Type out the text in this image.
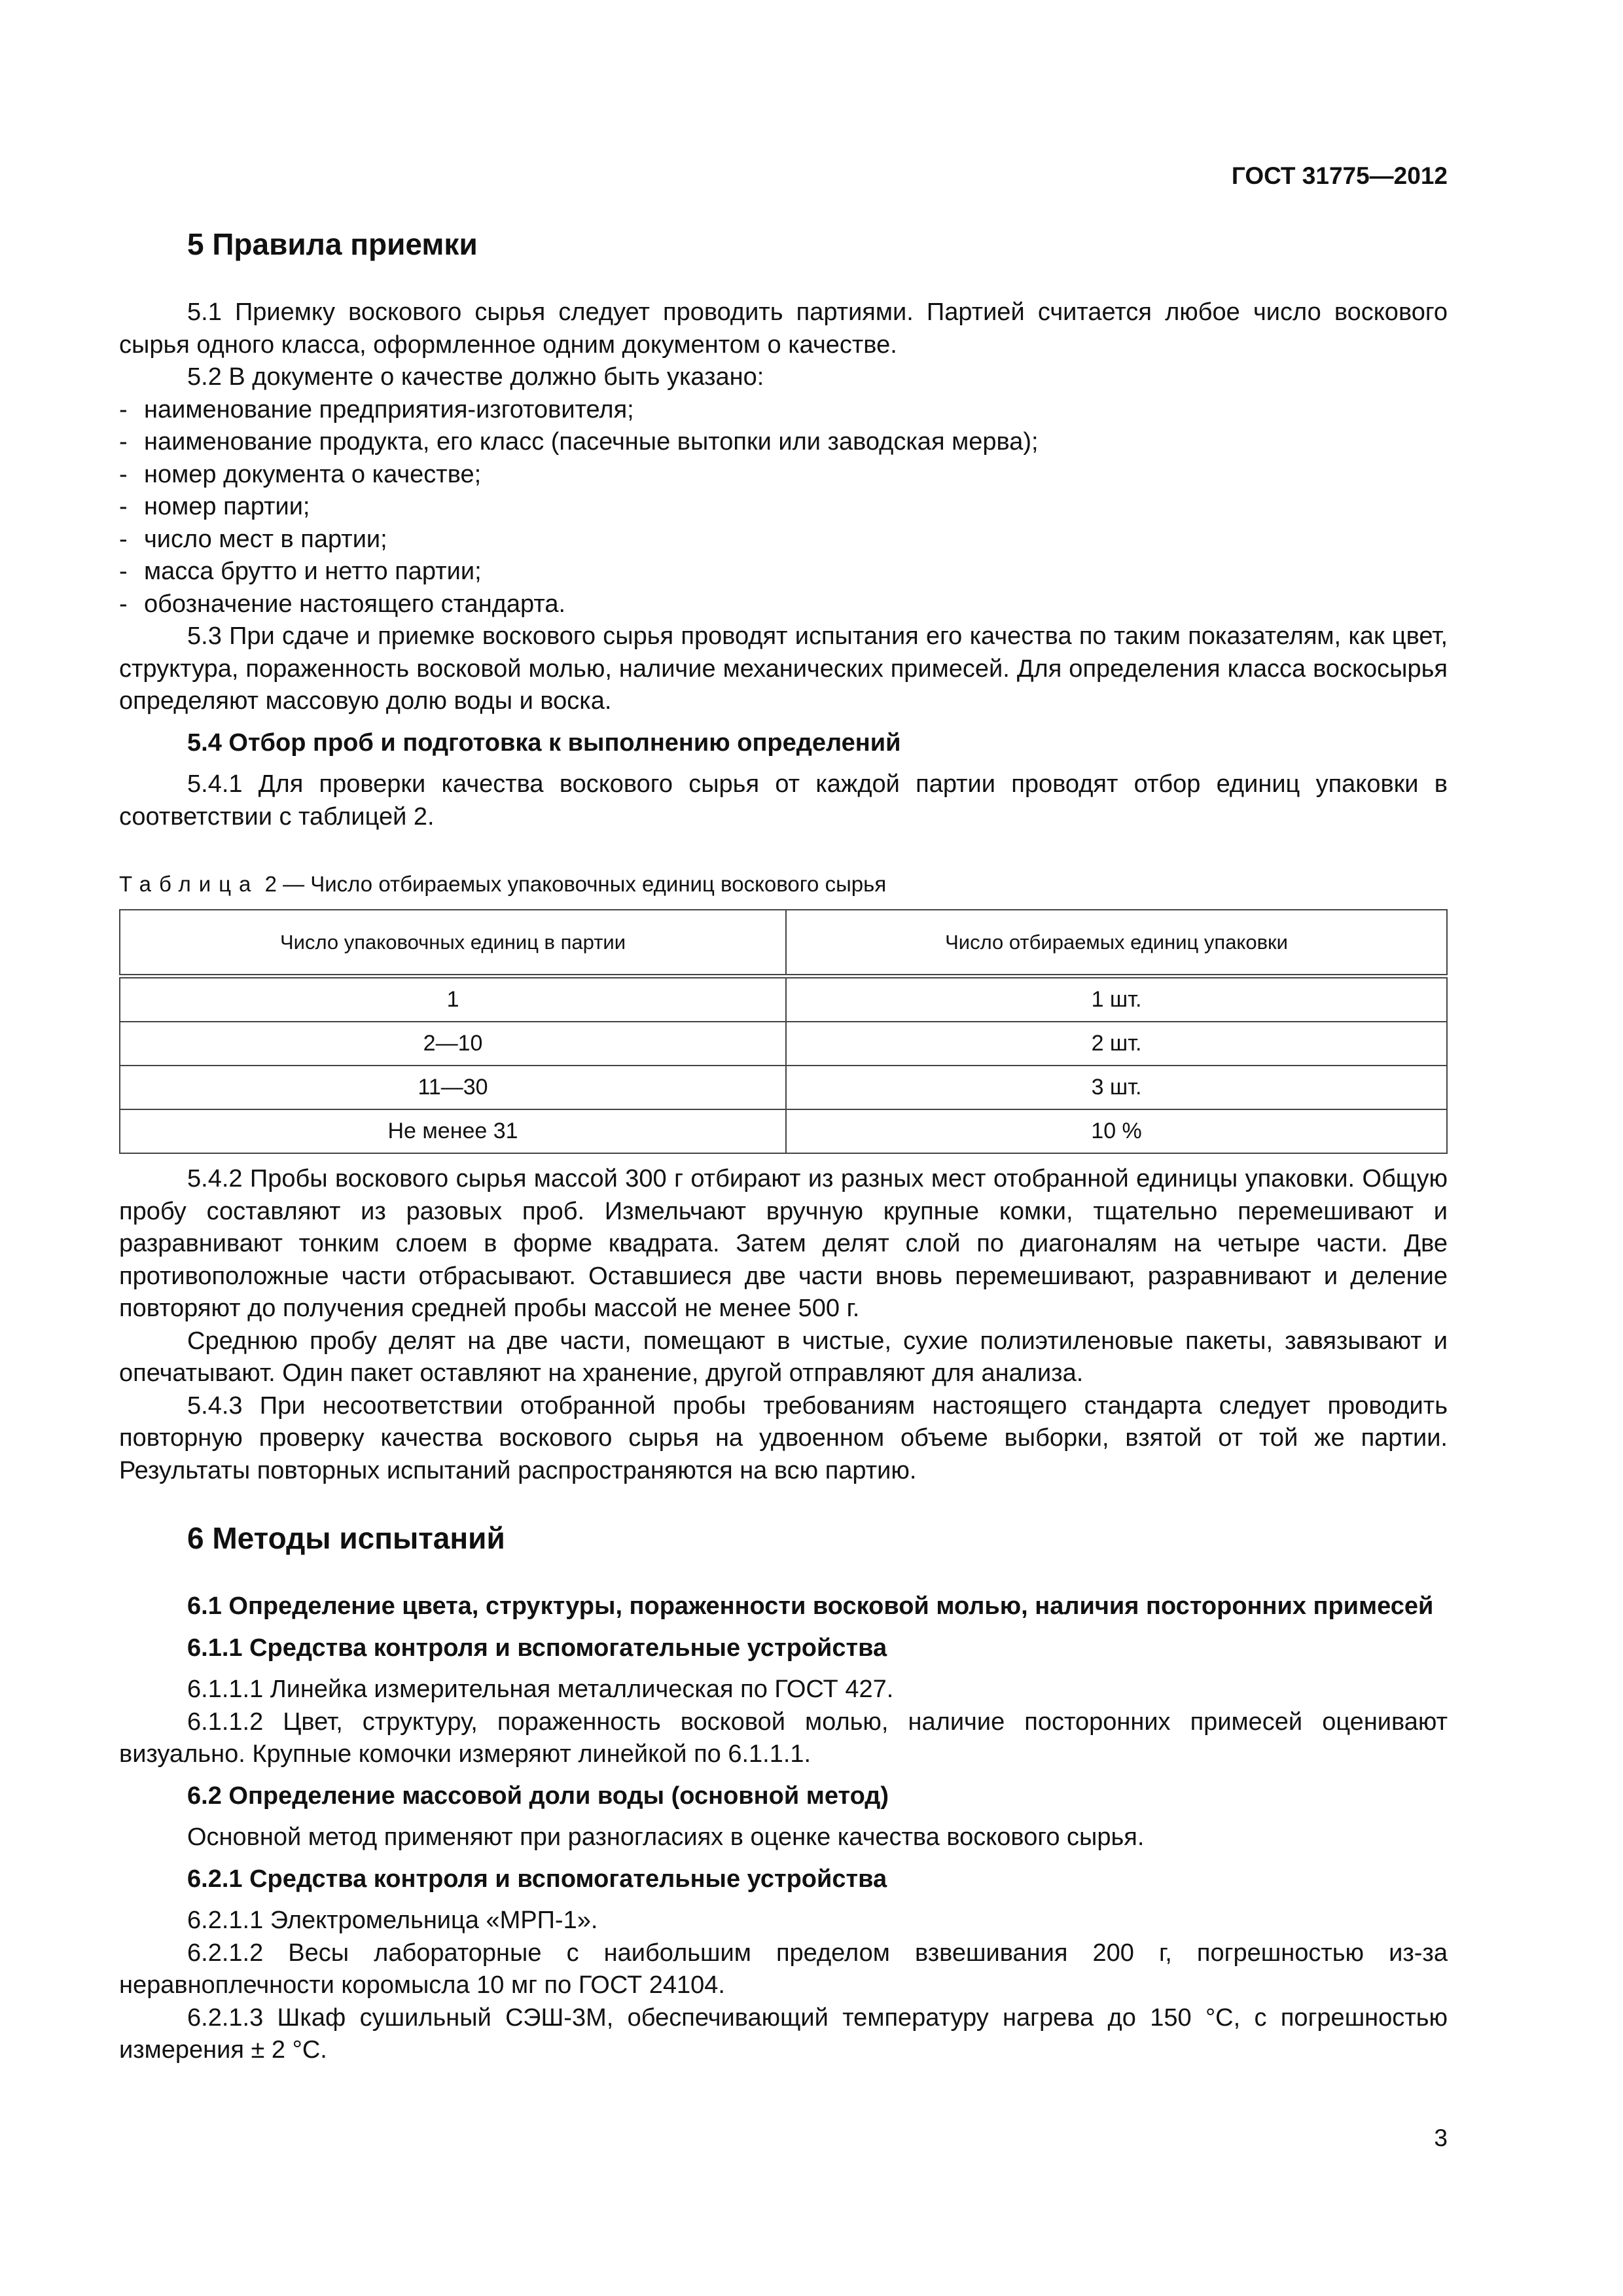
ГОСТ 31775—2012
5 Правила приемки

5.1 Приемку воскового сырья следует проводить партиями. Партией считается любое число воскового сырья одного класса, оформленное одним документом о качестве.

5.2 В документе о качестве должно быть указано:

- наименование предприятия-изготовителя;

- наименование продукта, его класс (пасечные вытопки или заводская мерва);

- номер документа о качестве;

- номер партии;

- число мест в партии;

- масса брутто и нетто партии;

- обозначение настоящего стандарта.

5.3 При сдаче и приемке воскового сырья проводят испытания его качества по таким показателям, как цвет, структура, пораженность восковой молью, наличие механических примесей. Для определения класса воскосырья определяют массовую долю воды и воска.

5.4 Отбор проб и подготовка к выполнению определений

5.4.1 Для проверки качества воскового сырья от каждой партии проводят отбор единиц упаковки в соответствии с таблицей 2.

Таблица 2 — Число отбираемых упаковочных единиц воскового сырья
Число упаковочных единиц в партии	Число отбираемых единиц упаковки
1	1 шт.
2—10	2 шт.
11—30	3 шт.
Не менее 31	10 %

5.4.2 Пробы воскового сырья массой 300 г отбирают из разных мест отобранной единицы упаковки. Общую пробу составляют из разовых проб. Измельчают вручную крупные комки, тщательно перемешивают и разравнивают тонким слоем в форме квадрата. Затем делят слой по диагоналям на четыре части. Две противоположные части отбрасывают. Оставшиеся две части вновь перемешивают, разравнивают и деление повторяют до получения средней пробы массой не менее 500 г.

Среднюю пробу делят на две части, помещают в чистые, сухие полиэтиленовые пакеты, завязывают и опечатывают. Один пакет оставляют на хранение, другой отправляют для анализа.

5.4.3 При несоответствии отобранной пробы требованиям настоящего стандарта следует проводить повторную проверку качества воскового сырья на удвоенном объеме выборки, взятой от той же партии. Результаты повторных испытаний распространяются на всю партию.

6 Методы испытаний
6.1 Определение цвета, структуры, пораженности восковой молью, наличия посторонних примесей
6.1.1 Средства контроля и вспомогательные устройства

6.1.1.1 Линейка измерительная металлическая по ГОСТ 427.

6.1.1.2 Цвет, структуру, пораженность восковой молью, наличие посторонних примесей оценивают визуально. Крупные комочки измеряют линейкой по 6.1.1.1.

6.2 Определение массовой доли воды (основной метод)

Основной метод применяют при разногласиях в оценке качества воскового сырья.

6.2.1 Средства контроля и вспомогательные устройства

6.2.1.1 Электромельница «МРП-1».

6.2.1.2 Весы лабораторные с наибольшим пределом взвешивания 200 г, погрешностью из-за неравноплечности коромысла 10 мг по ГОСТ 24104.

6.2.1.3 Шкаф сушильный СЭШ-3М, обеспечивающий температуру нагрева до 150 °С, с погрешностью измерения ± 2 °С.

3
